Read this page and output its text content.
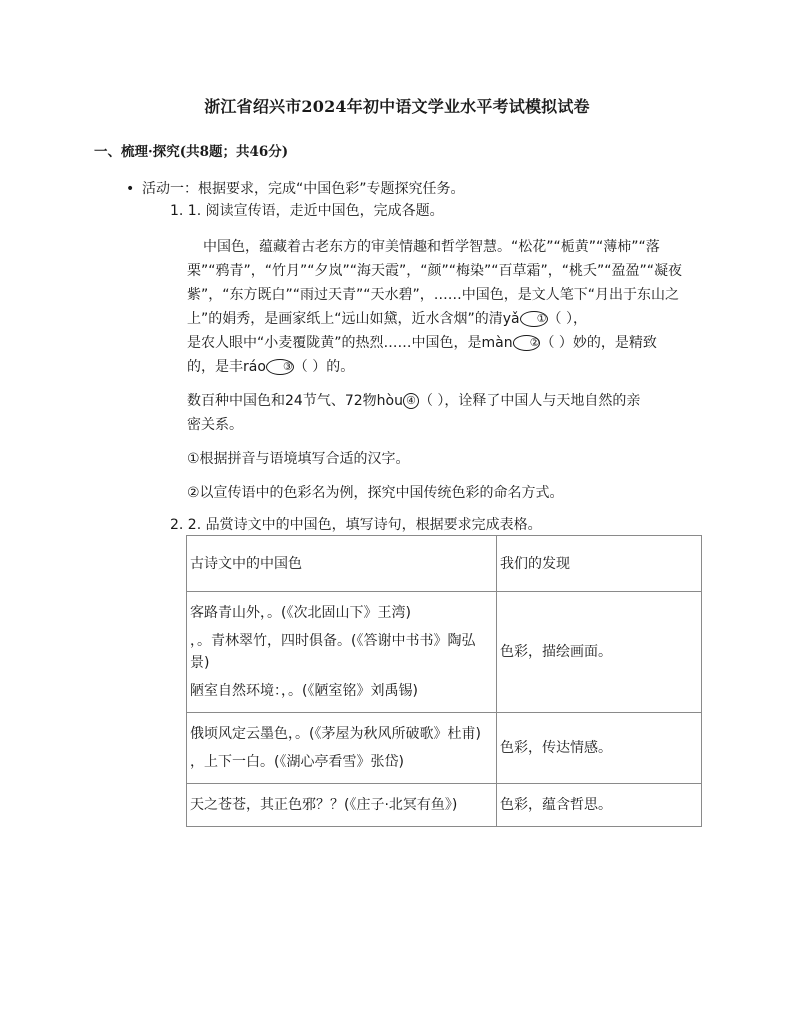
浙江省绍兴市2024年初中语文学业水平考试模拟试卷
一、梳理·探究(共8题；共46分)
• 活动一：根据要求，完成“中国色彩”专题探究任务。
1. 1. 阅读宣传语，走近中国色，完成各题。

中国色，蕴藏着古老东方的审美情趣和哲学智慧。“松花”“栀黄”“薄柿”“落栗”“鸦青”，“竹月”“夕岚”“海天霞”，“颜”“梅染”“百草霜”，“桃夭”“盈盈”“凝夜紫”，“东方既白”“雨过天青”“天水碧”，……中国色，是文人笔下“月出于东山之上”的娟秀，是画家纸上“远山如黛，近水含烟”的清yǎ ①（ ），
是农人眼中“小麦覆陇黄”的热烈……中国色，是màn ②（ ）妙的，是精致
的，是丰ráo ③（ ）的。

数百种中国色和24节气、72物hòu ④ （ ），诠释了中国人与天地自然的亲
密关系。

①根据拼音与语境填写合适的汉字。

②以宣传语中的色彩名为例，探究中国传统色彩的命名方式。

2. 2. 品赏诗文中的中国色，填写诗句，根据要求完成表格。
古诗文中的中国色	我们的发现

客路青山外，。(《次北固山下》王湾)
，。青林翠竹，四时俱备。(《答谢中书书》陶弘景)
陋室自然环境：，。(《陋室铭》刘禹锡)	色彩，描绘画面。

俄顷风定云墨色，。(《茅屋为秋风所破歌》杜甫)
，上下一白。(《湖心亭看雪》张岱)	色彩，传达情感。

天之苍苍，其正色邪？？(《庄子·北冥有鱼》)	色彩，蕴含哲思。
